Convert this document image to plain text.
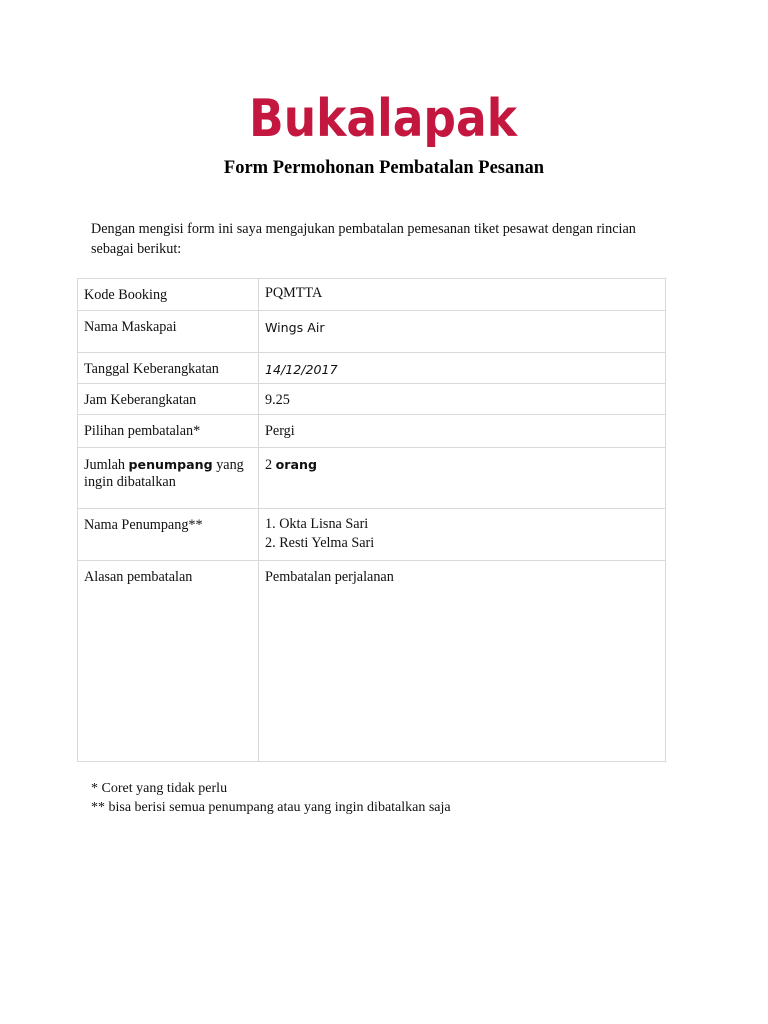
Bukalapak
Form Permohonan Pembatalan Pesanan
Dengan mengisi form ini saya mengajukan pembatalan pemesanan tiket pesawat dengan rincian sebagai berikut:
Kode Booking	PQMTTA
Nama Maskapai	Wings Air
Tanggal Keberangkatan	14/12/2017
Jam Keberangkatan	9.25
Pilihan pembatalan*	Pergi
Jumlah penumpang yang ingin dibatalkan	2 orang
Nama Penumpang**	1. Okta Lisna Sari
2. Resti Yelma Sari

Alasan pembatalan	Pembatalan perjalanan
* Coret yang tidak perlu
** bisa berisi semua penumpang atau yang ingin dibatalkan saja
